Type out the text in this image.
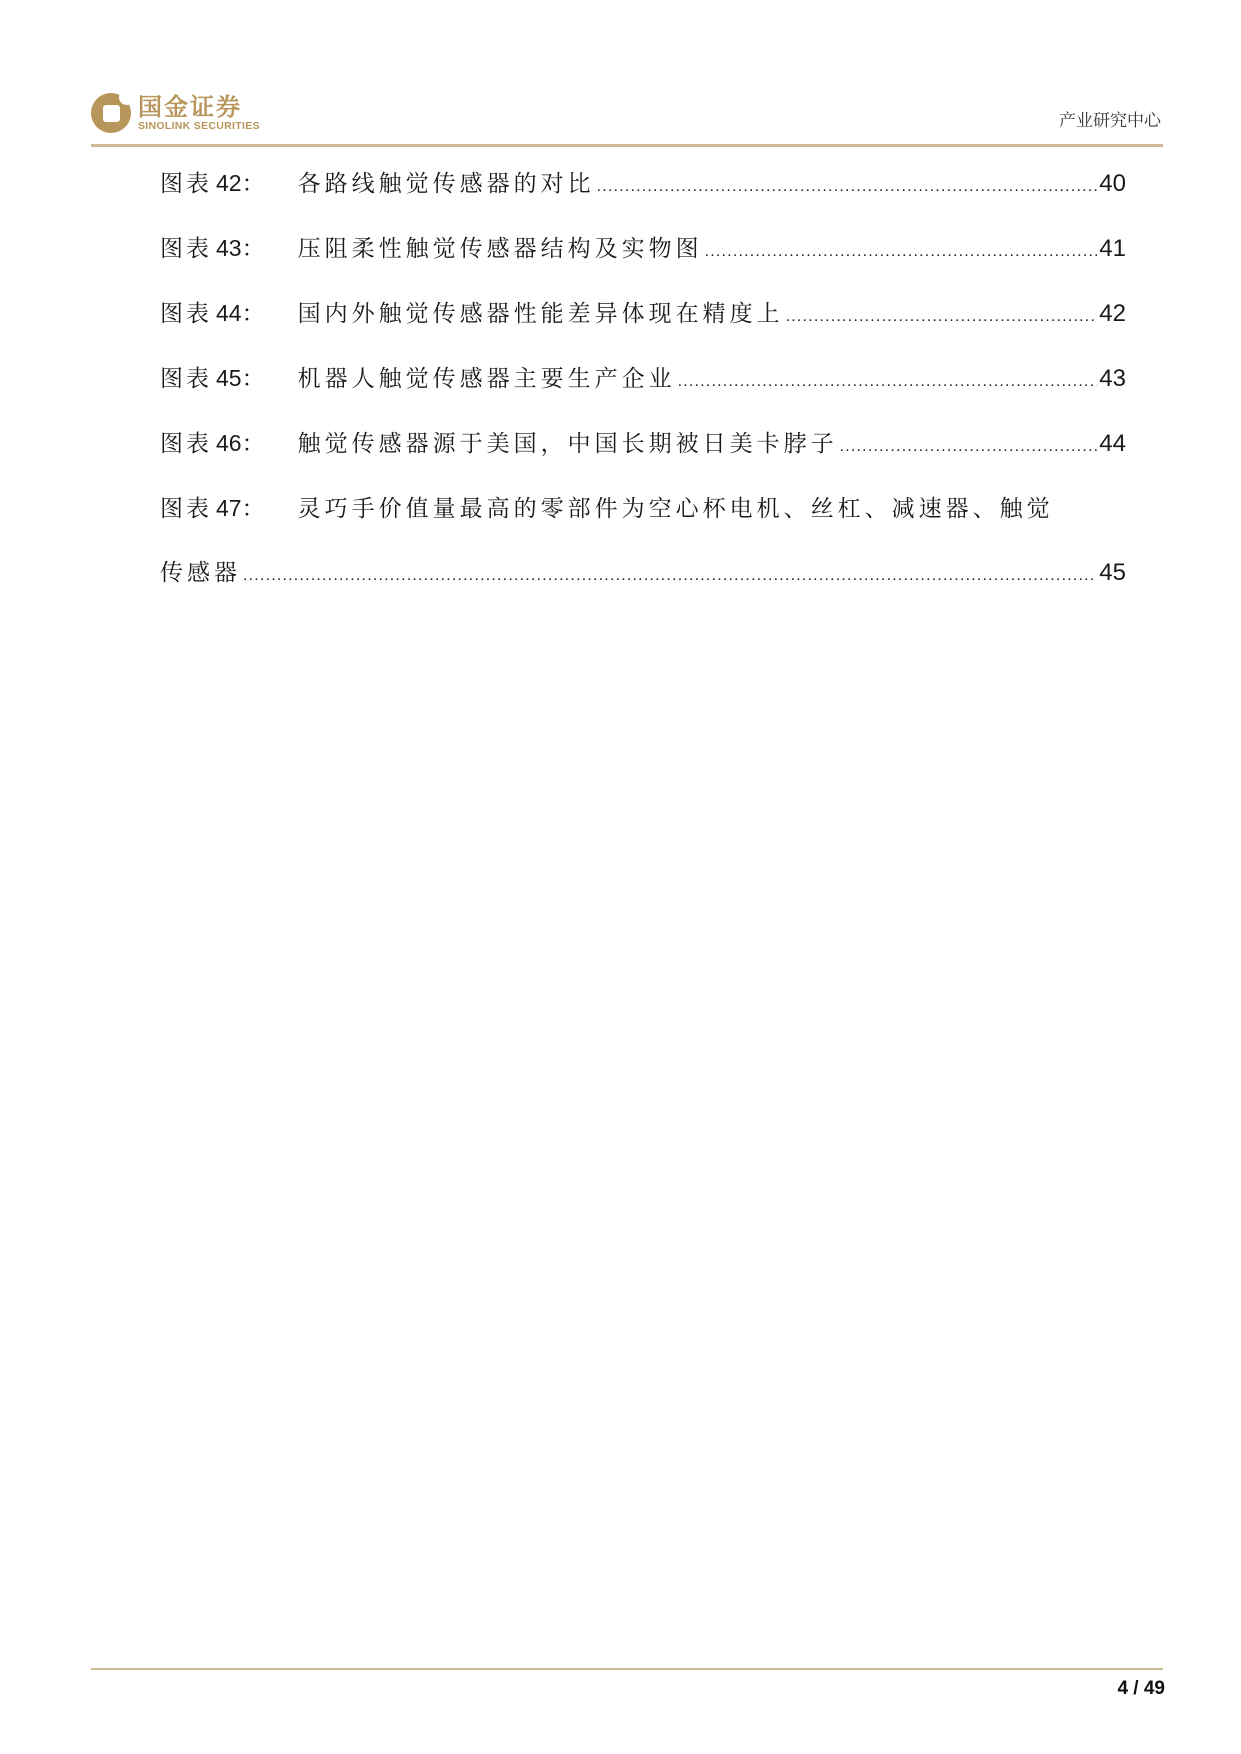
国金证券
SINOLINK SECURITIES	产业研究中心
图表 42：	各路线触觉传感器的对比 .....	40
图表 43：	压阻柔性触觉传感器结构及实物图 .....	41
图表 44：	国内外触觉传感器性能差异体现在精度上 .....	42
图表 45：	机器人触觉传感器主要生产企业 .....	43
图表 46：	触觉传感器源于美国，中国长期被日美卡脖子 .....	44
图表 47：	灵巧手价值量最高的零部件为空心杯电机、丝杠、减速器、触觉
传感器 .....	45
4 / 49
